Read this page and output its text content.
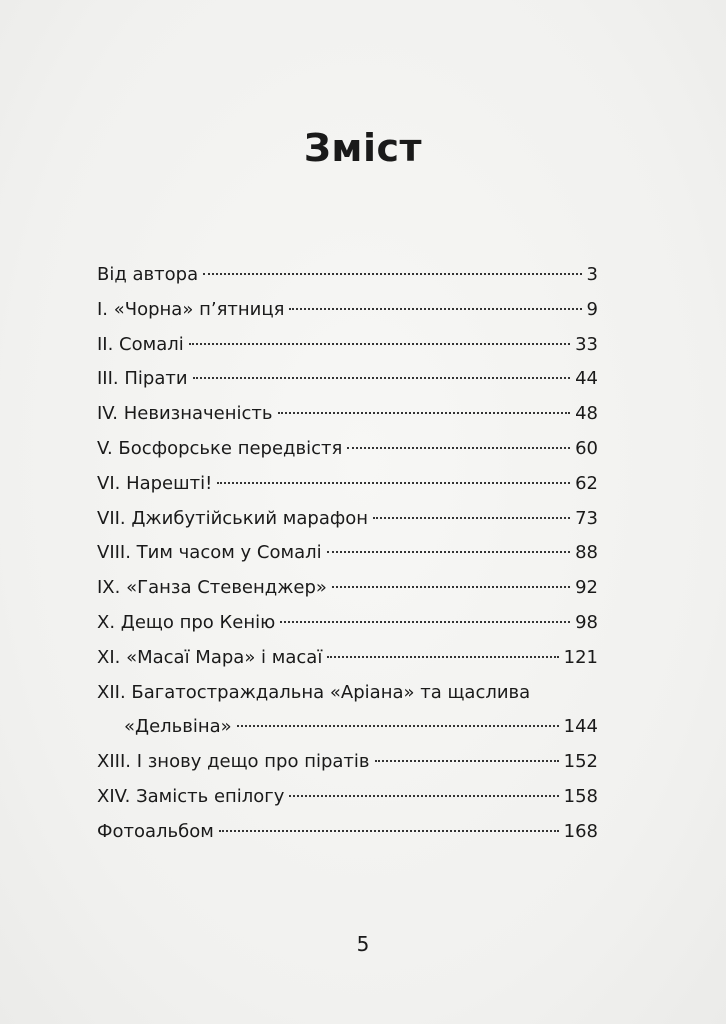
Зміст
Від автора	3
I. «Чорна» п’ятниця	9
II. Сомалі	33
III. Пірати	44
IV. Невизначеність	48
V. Босфорське передвістя	60
VI. Нарешті!	62
VII. Джибутійський марафон	73
VIII. Тим часом у Сомалі	88
IX. «Ганза Стевенджер»	92
X. Дещо про Кенію	98
XI. «Масаї Мара» і масаї	121
XII. Багатостраждальна «Аріана» та щаслива
«Дельвіна»	144
XIII. І знову дещо про піратів	152
XIV. Замість епілогу	158
Фотоальбом	168
5
